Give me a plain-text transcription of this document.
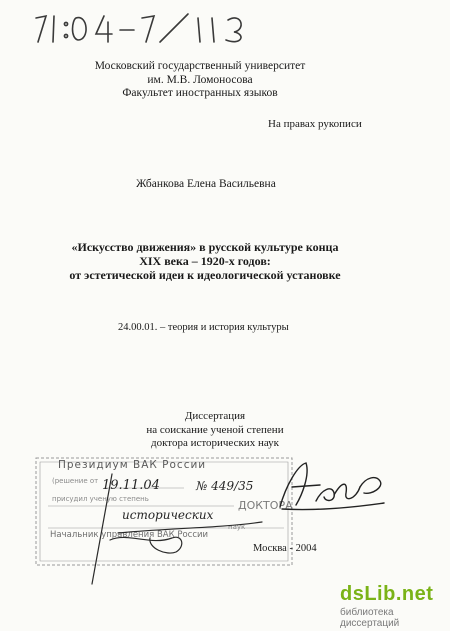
Московский государственный университет
им. М.В. Ломоносова
Факультет иностранных языков
На правах рукописи
Жбанкова Елена Васильевна
«Искусство движения» в русской культуре конца
XIX века – 1920-х годов:
от эстетической идеи к идеологической установке
24.00.01. – теория и история культуры
Диссертация
на соискание ученой степени
доктора исторических наук
Президиум ВАК России
(решение от
присудил ученую степень	ДОКТОРА
наук
Начальник управления ВАК России
19.11.04	№ 449/35
исторических
Москва - 2004
dsLib.net
библиотека диссертаций
